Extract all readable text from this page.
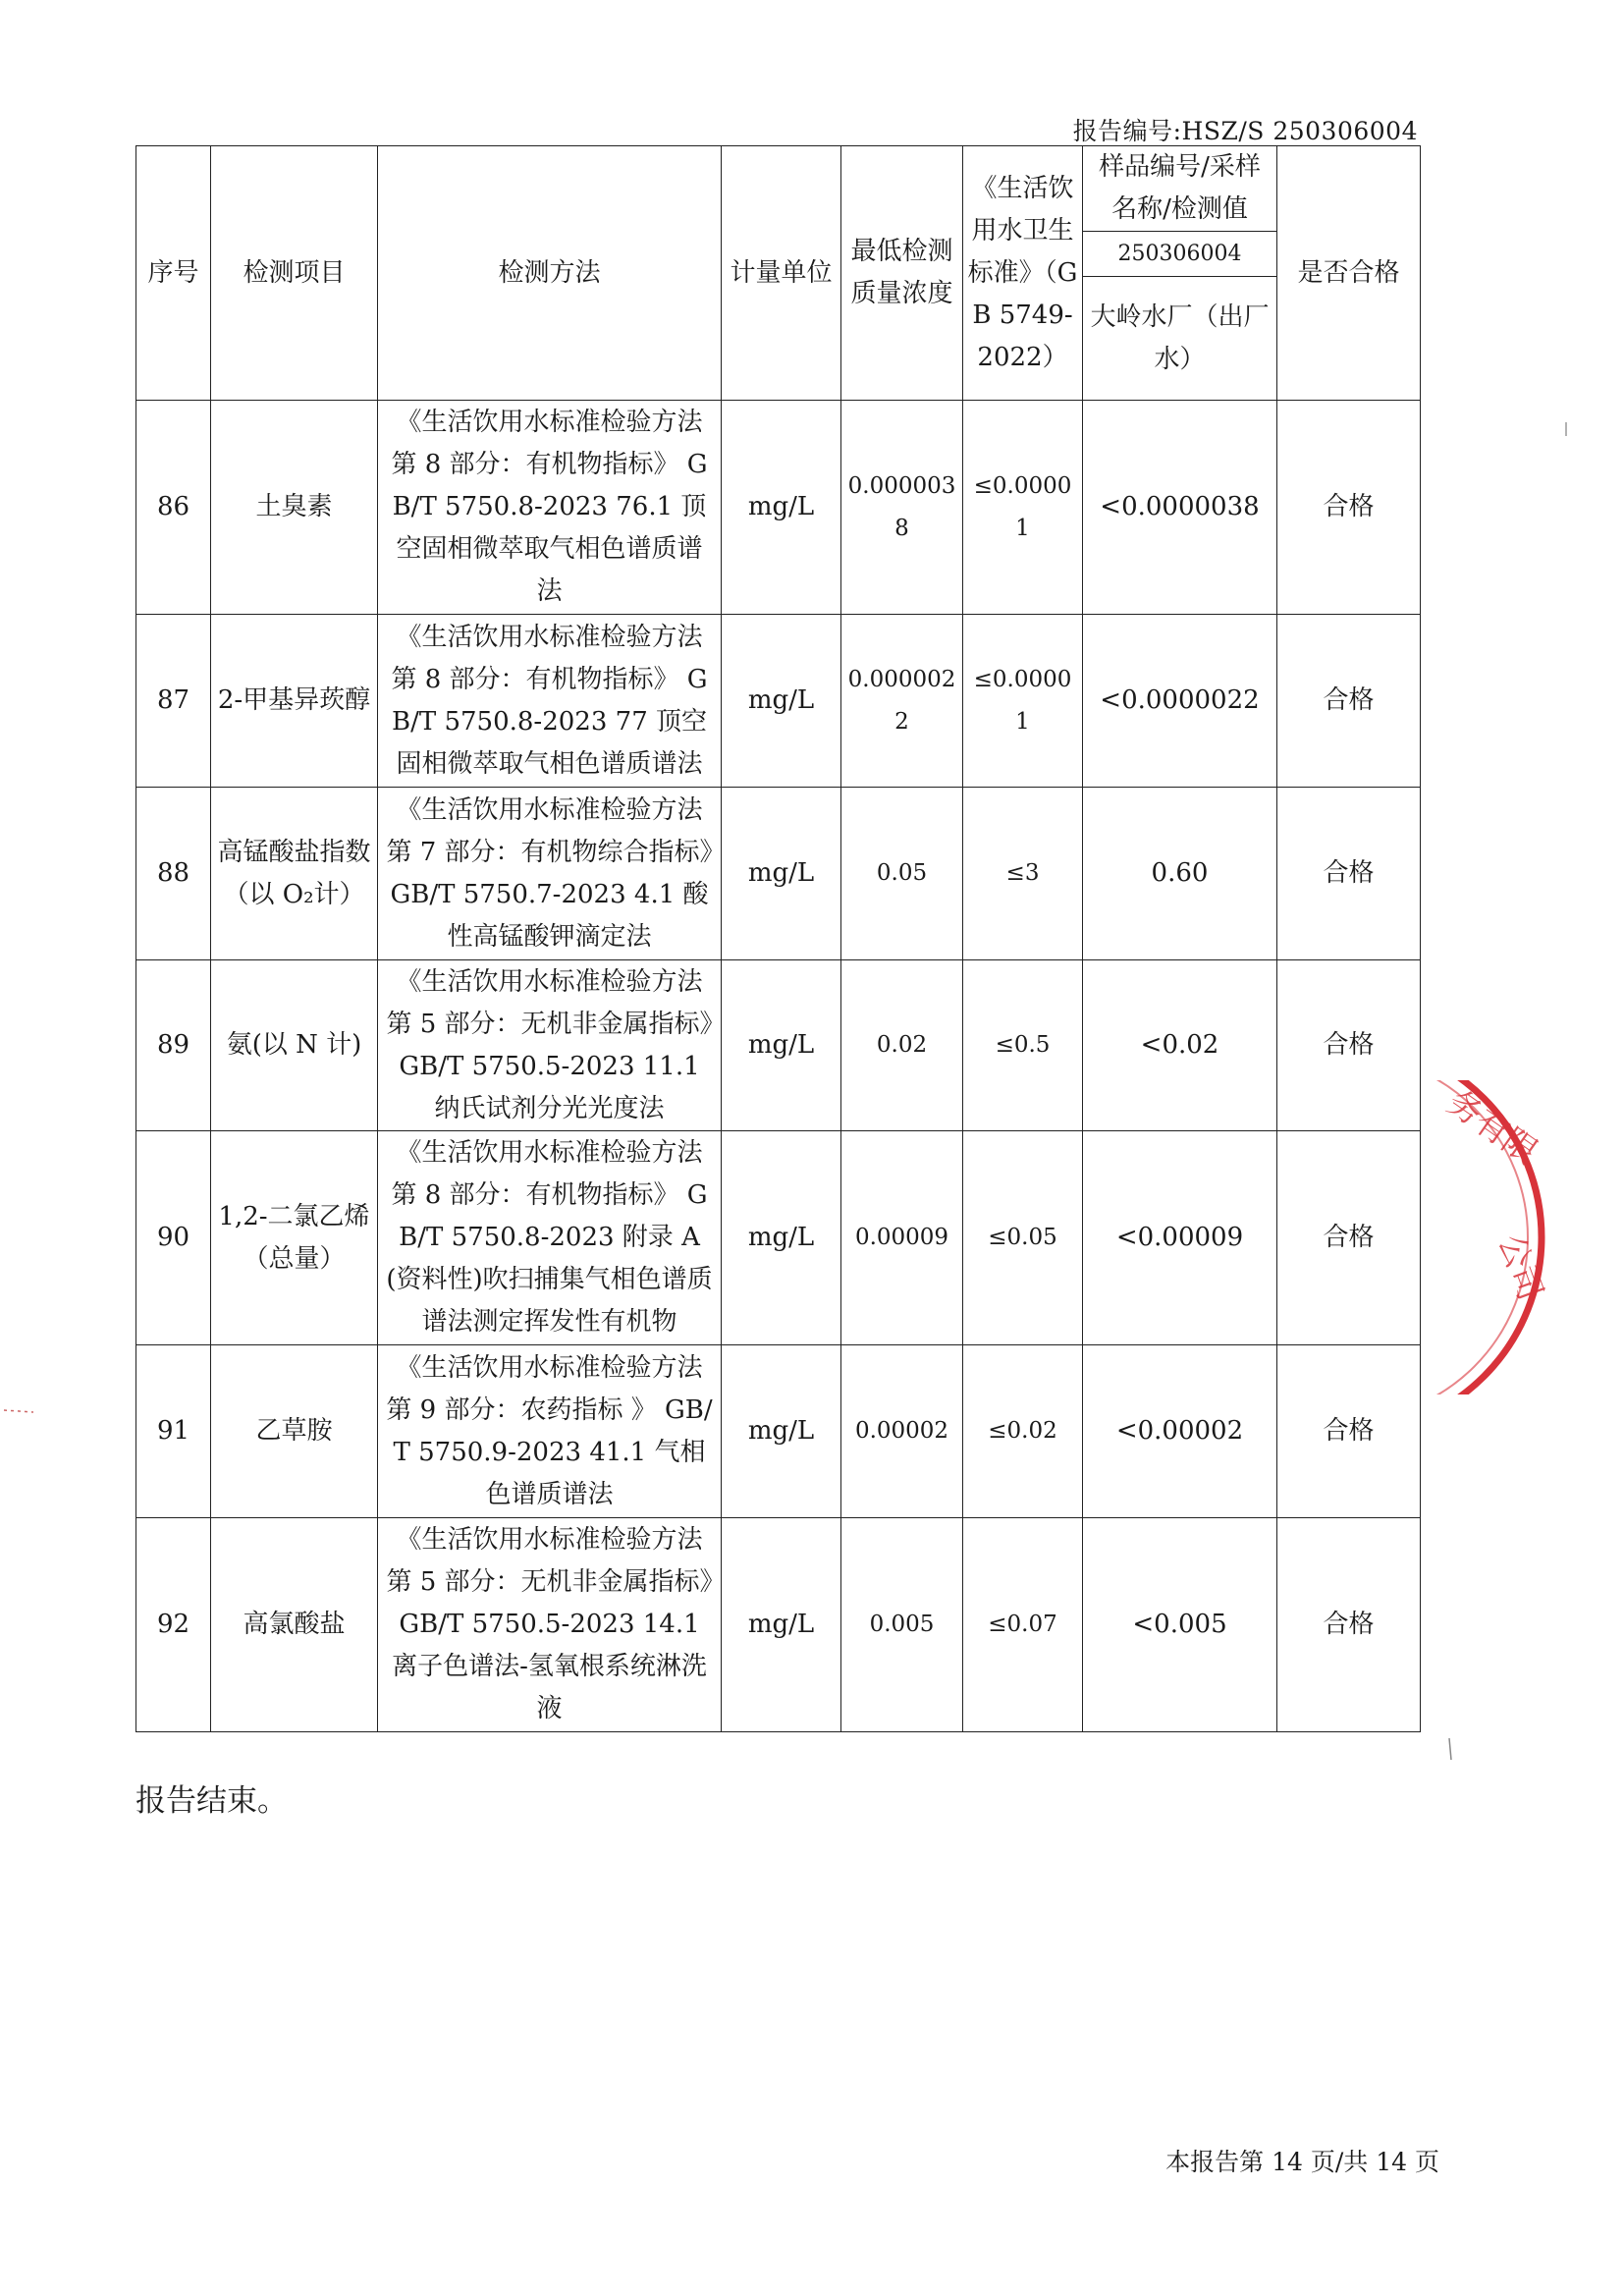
报告编号:HSZ/S 250306004
序号	检测项目	检测方法	计量单位	最低检测质量浓度	《生活饮用水卫生标准》（GB 5749-2022）	样品编号/采样名称/检测值	是否合格
						250306004	
						大岭水厂（出厂水）	
86	土臭素	《生活饮用水标准检验方法 第 8 部分：有机物指标》 GB/T 5750.8-2023 76.1 顶空固相微萃取气相色谱质谱法	mg/L	0.0000038	≤0.00001	<0.0000038	合格
87	2-甲基异莰醇	《生活饮用水标准检验方法 第 8 部分：有机物指标》 GB/T 5750.8-2023 77 顶空固相微萃取气相色谱质谱法	mg/L	0.0000022	≤0.00001	<0.0000022	合格
88	高锰酸盐指数（以 O₂计）	《生活饮用水标准检验方法 第 7 部分：有机物综合指标》GB/T 5750.7-2023 4.1 酸性高锰酸钾滴定法	mg/L	0.05	≤3	0.60	合格
89	氨(以 N 计)	《生活饮用水标准检验方法 第 5 部分：无机非金属指标》GB/T 5750.5-2023 11.1 纳氏试剂分光光度法	mg/L	0.02	≤0.5	<0.02	合格
90	1,2-二氯乙烯（总量）	《生活饮用水标准检验方法 第 8 部分：有机物指标》 GB/T 5750.8-2023 附录 A (资料性)吹扫捕集气相色谱质谱法测定挥发性有机物	mg/L	0.00009	≤0.05	<0.00009	合格
91	乙草胺	《生活饮用水标准检验方法 第 9 部分：农药指标 》 GB/T 5750.9-2023 41.1 气相色谱质谱法	mg/L	0.00002	≤0.02	<0.00002	合格
92	高氯酸盐	《生活饮用水标准检验方法 第 5 部分：无机非金属指标》GB/T 5750.5-2023 14.1 离子色谱法-氢氧根系统淋洗液	mg/L	0.005	≤0.07	<0.005	合格
报告结束。
本报告第 14 页/共 14 页
务有限
公司
